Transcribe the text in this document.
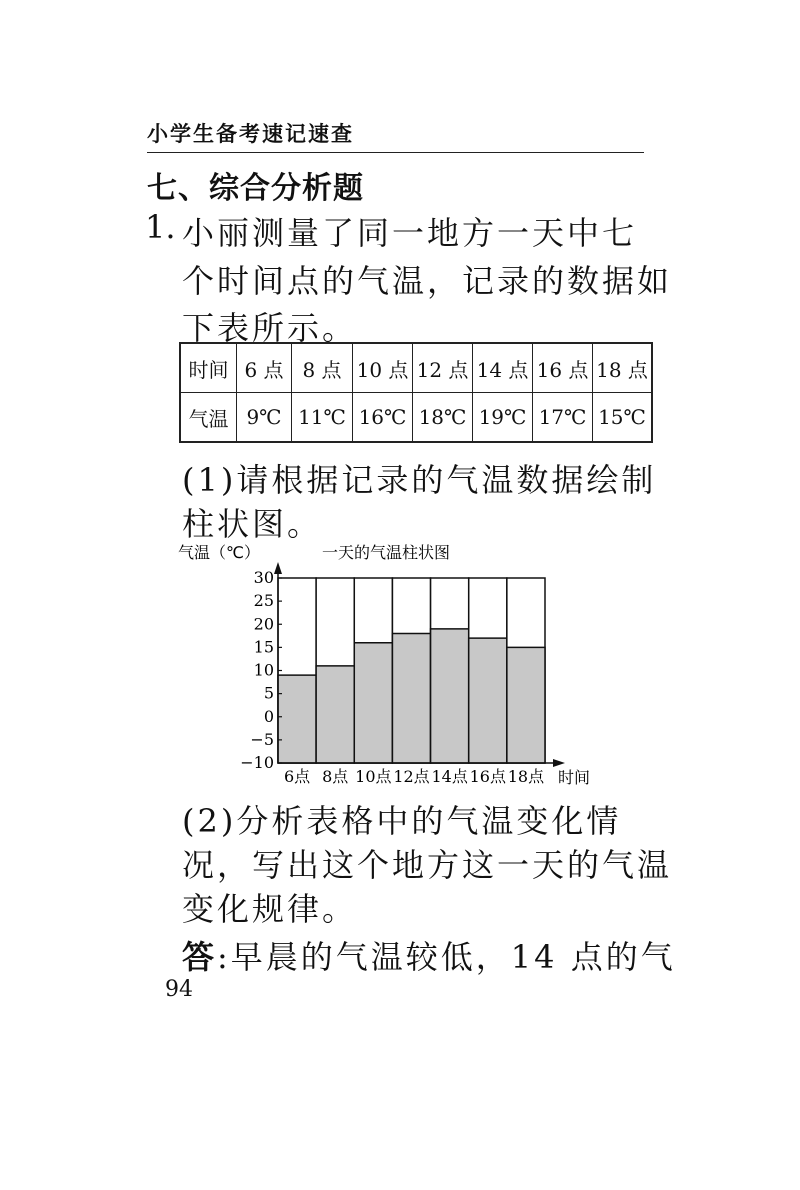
小学生备考速记速查
七、综合分析题
1. 小丽测量了同一地方一天中七
个时间点的气温，记录的数据如
下表所示。
时间	6 点	8 点	10 点	12 点	14 点	16 点	18 点
气温	9℃	11℃	16℃	18℃	19℃	17℃	15℃
(1)请根据记录的气温数据绘制
柱状图。
气温（℃）	一天的气温柱状图
时间
6点 8点 10点 12点 14点 16点 18点
30
25
20
15
10
5
0
−5
−10
(2)分析表格中的气温变化情
况，写出这个地方这一天的气温
变化规律。
答:早晨的气温较低，14 点的气
94
